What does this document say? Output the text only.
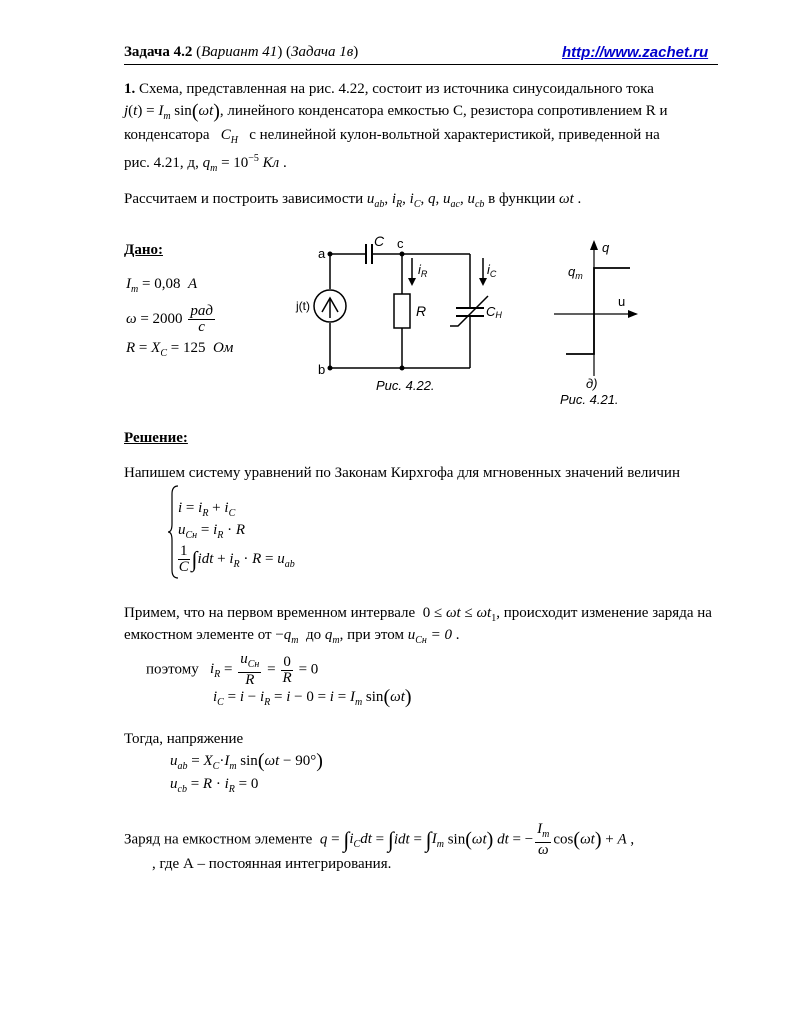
Задача 4.2 (Вариант 41) (Задача 1в)	http://www.zachet.ru
1. Схема, представленная на рис. 4.22, состоит из источника синусоидального тока
$j(t) = I_m$ sin(ωt), линейного конденсатора емкостью С, резистора сопротивлением R и
конденсатора $C_H$ с нелинейной кулон-вольтной характеристикой, приведенной на
рис. 4.21, д, $q_m = 10^{-5}$ Кл .
Рассчитаем и построить зависимости $u_{ab}$, $i_R$, $i_C$, q, $u_{ac}$, $u_{cb}$ в функции ωt .
Дано:
$I_m = 0,08$ A
$\omega = 2000 \frac{\text{рад}}{с}$
$R = X_C = 125$ Ом
a
b
c
C
j(t)	R
$i_R$	$i_C$
CH
Рис. 4.22.
q
u
$q_m$
д)
Рис. 4.21.
Решение:
Напишем систему уравнений по Законам Кирхгофа для мгновенных значений величин
$i = i_R + i_C$
$u_{Cн} = i_R \cdot R$
$\frac{1}{C} \int idt + i_R \cdot R = u_{ab}$
Примем, что на первом временном интервале  $0 \le \omega t \le \omega t_1$, происходит изменение заряда на
емкостном элементе от $-q_m$ до $q_m$, при этом $u_{Cн} = 0$ .
поэтому $i_R = \frac{u_{Cн}}{R} = \frac{0}{R} = 0$
$i_C = i - i_R = i - 0 = i = I_m$ sin(ωt)
Тогда, напряжение
$u_{ab} = X_C\cdot I_m$ sin(ωt − 90°)
$u_{cb} = R \cdot i_R = 0$
Заряд на емкостном элементе $q = \int i_Cdt = \int idt = \int I_m$ sin(ωt) dt = − $\frac{I_m}{\omega} \cos(\omega t) + A$ ,
, где А – постоянная интегрирования.
